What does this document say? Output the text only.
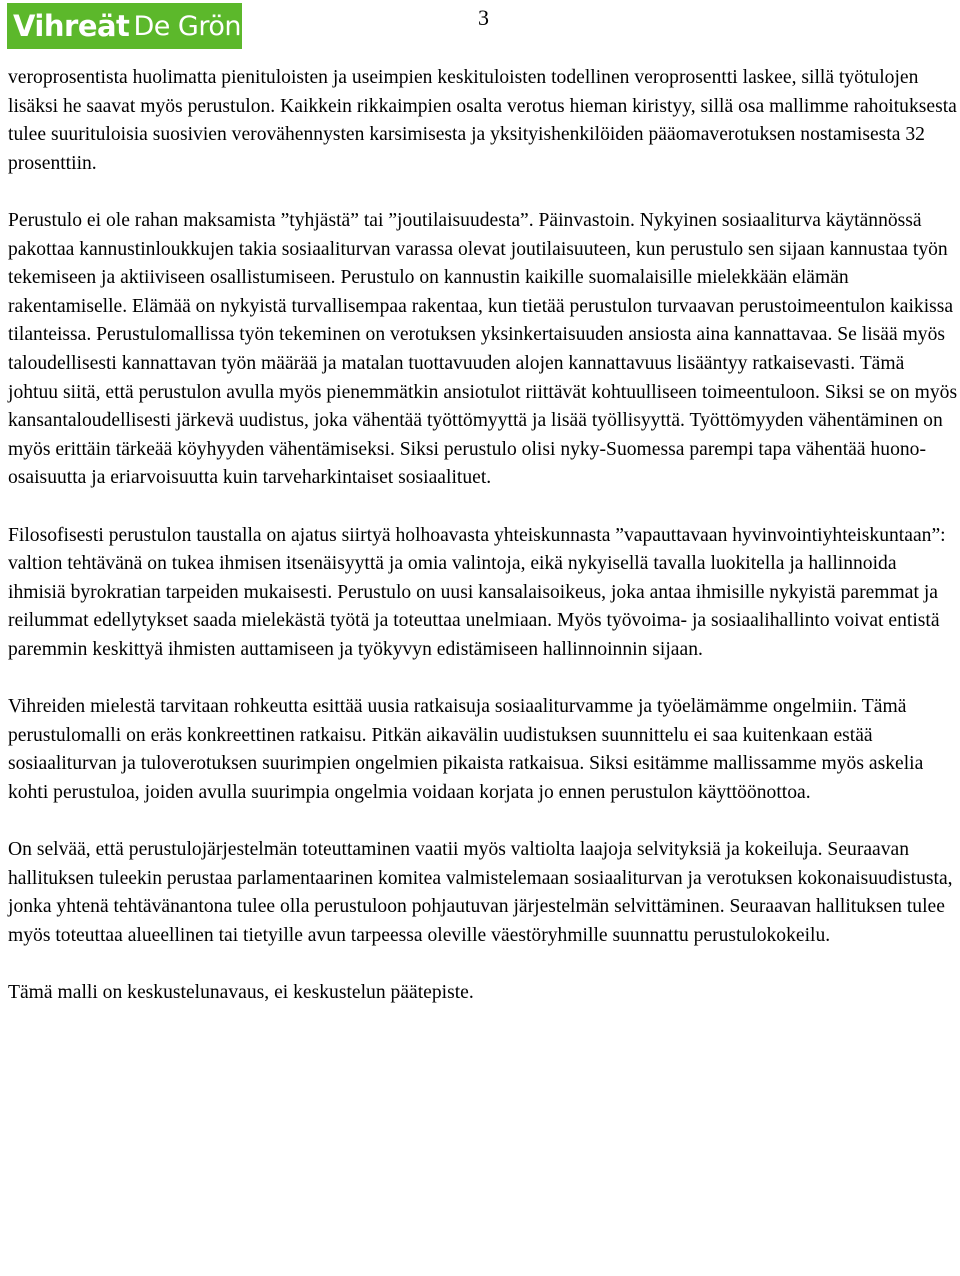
Vihreät De Gröna	3

veroprosentista huolimatta pienituloisten ja useimpien keskituloisten todellinen veroprosentti laskee, sillä työtulojen lisäksi he saavat myös perustulon. Kaikkein rikkaimpien osalta verotus hieman kiristyy, sillä osa mallimme rahoituksesta tulee suurituloisia suosivien verovähennysten karsimisesta ja yksityishenkilöiden pääomaverotuksen nostamisesta 32 prosenttiin.

Perustulo ei ole rahan maksamista ”tyhjästä” tai ”joutilaisuudesta”. Päinvastoin. Nykyinen sosiaaliturva käytännössä pakottaa kannustinloukkujen takia sosiaaliturvan varassa olevat joutilaisuuteen, kun perustulo sen sijaan kannustaa työn tekemiseen ja aktiiviseen osallistumiseen. Perustulo on kannustin kaikille suomalaisille mielekkään elämän rakentamiselle. Elämää on nykyistä turvallisempaa rakentaa, kun tietää perustulon turvaavan perustoimeentulon kaikissa tilanteissa. Perustulomallissa työn tekeminen on verotuksen yksinkertaisuuden ansiosta aina kannattavaa. Se lisää myös taloudellisesti kannattavan työn määrää ja matalan tuottavuuden alojen kannattavuus lisääntyy ratkaisevasti. Tämä johtuu siitä, että perustulon avulla myös pienemmätkin ansiotulot riittävät kohtuulliseen toimeentuloon. Siksi se on myös kansantaloudellisesti järkevä uudistus, joka vähentää työttömyyttä ja lisää työllisyyttä. Työttömyyden vähentäminen on myös erittäin tärkeää köyhyyden vähentämiseksi. Siksi perustulo olisi nyky-Suomessa parempi tapa vähentää huono-osaisuutta ja eriarvoisuutta kuin tarveharkintaiset sosiaalituet.

Filosofisesti perustulon taustalla on ajatus siirtyä holhoavasta yhteiskunnasta ”vapauttavaan hyvinvointiyhteiskuntaan”: valtion tehtävänä on tukea ihmisen itsenäisyyttä ja omia valintoja, eikä nykyisellä tavalla luokitella ja hallinnoida ihmisiä byrokratian tarpeiden mukaisesti. Perustulo on uusi kansalaisoikeus, joka antaa ihmisille nykyistä paremmat ja reilummat edellytykset saada mielekästä työtä ja toteuttaa unelmiaan. Myös työvoima- ja sosiaalihallinto voivat entistä paremmin keskittyä ihmisten auttamiseen ja työkyvyn edistämiseen hallinnoinnin sijaan.

Vihreiden mielestä tarvitaan rohkeutta esittää uusia ratkaisuja sosiaaliturvamme ja työelämämme ongelmiin. Tämä perustulomalli on eräs konkreettinen ratkaisu. Pitkän aikavälin uudistuksen suunnittelu ei saa kuitenkaan estää sosiaaliturvan ja tuloverotuksen suurimpien ongelmien pikaista ratkaisua. Siksi esitämme mallissamme myös askelia kohti perustuloa, joiden avulla suurimpia ongelmia voidaan korjata jo ennen perustulon käyttöönottoa.

On selvää, että perustulojärjestelmän toteuttaminen vaatii myös valtiolta laajoja selvityksiä ja kokeiluja. Seuraavan hallituksen tuleekin perustaa parlamentaarinen komitea valmistelemaan sosiaaliturvan ja verotuksen kokonaisuudistusta, jonka yhtenä tehtävänantona tulee olla perustuloon pohjautuvan järjestelmän selvittäminen. Seuraavan hallituksen tulee myös toteuttaa alueellinen tai tietyille avun tarpeessa oleville väestöryhmille suunnattu perustulokokeilu.

Tämä malli on keskustelunavaus, ei keskustelun päätepiste.
